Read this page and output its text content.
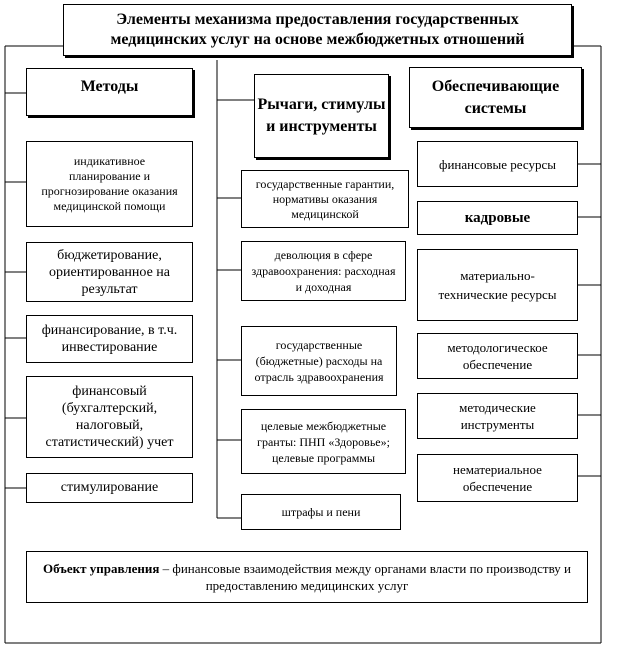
Элементы механизма предоставления государственных медицинских услуг на основе межбюджетных отношений
Методы
индикативное планирование и прогнозирование оказания медицинской помощи
бюджетирование, ориентированное на результат
финансирование, в т.ч. инвестирование
финансовый (бухгалтерский, налоговый, статистический) учет
стимулирование
Рычаги, стимулы и инструменты
государственные гарантии, нормативы оказания медицинской
деволюция в сфере здравоохранения: расходная и доходная
государственные (бюджетные) расходы на отрасль здравоохранения
целевые межбюджетные гранты: ПНП «Здоровье»; целевые программы
штрафы и пени
Обеспечивающие системы
финансовые ресурсы
кадровые
материально-технические ресурсы
методологическое обеспечение
методические инструменты
нематериальное обеспечение
Объект управления – финансовые взаимодействия между органами власти по производству и предоставлению медицинских услуг
